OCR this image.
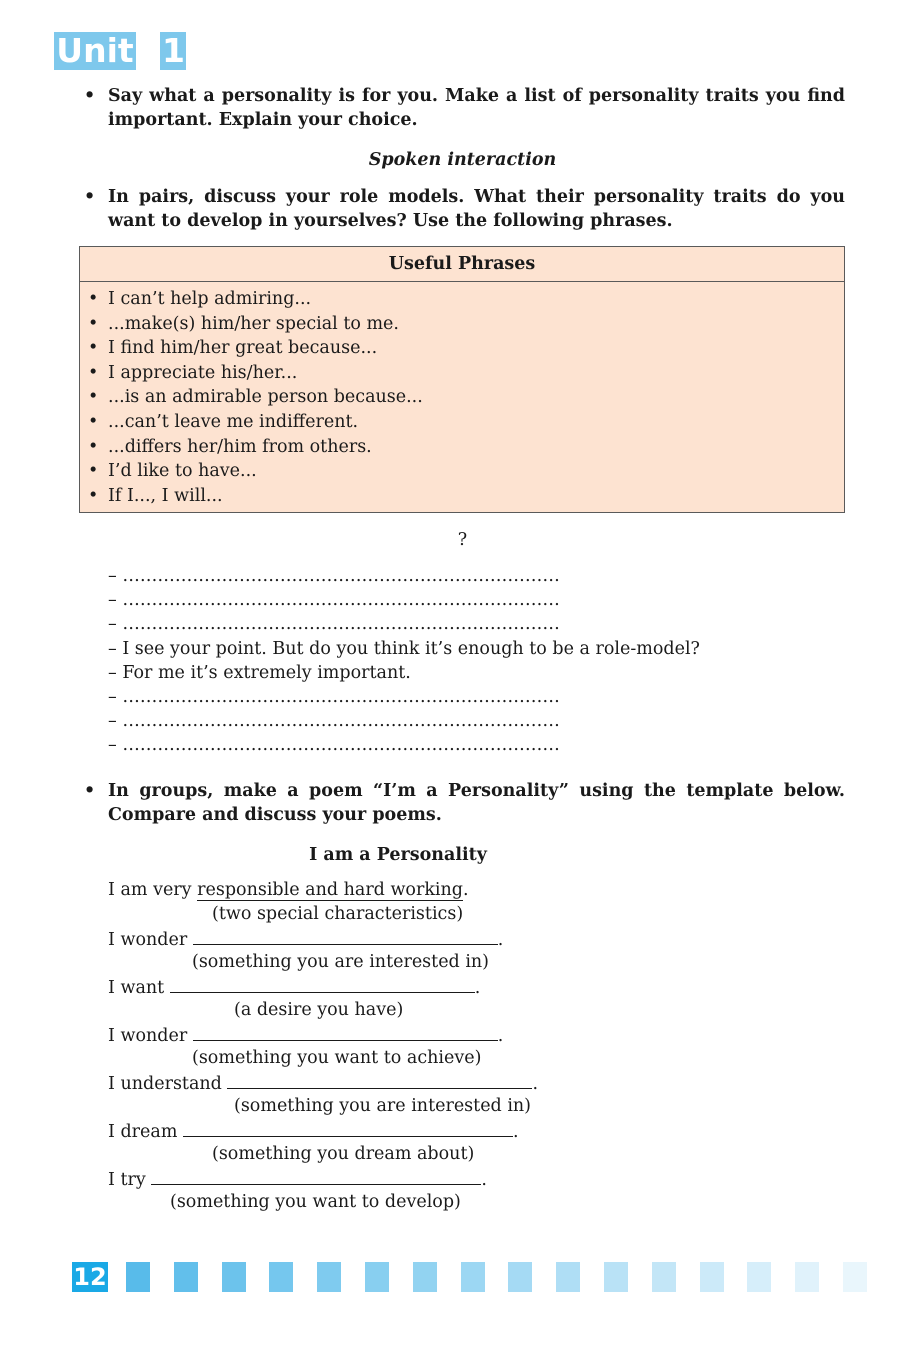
Unit 1
• Say what a personality is for you. Make a list of personality traits you find important. Explain your choice.
Spoken interaction
• In pairs, discuss your role models. What their personality traits do you want to develop in yourselves? Use the following phrases.
Useful Phrases
• I can’t help admiring...
• ...make(s) him/her special to me.
• I find him/her great because...
• I appreciate his/her...
• ...is an admirable person because...
• ...can’t leave me indifferent.
• ...differs her/him from others.
• I’d like to have...
• If I..., I will...
?
– …………………………………………………………………
– …………………………………………………………………
– …………………………………………………………………
– I see your point. But do you think it’s enough to be a role-model?
– For me it’s extremely important.
– …………………………………………………………………
– …………………………………………………………………
– …………………………………………………………………
• In groups, make a poem “I’m a Personality” using the template below. Compare and discuss your poems.
I am a Personality
I am very responsible and hard working.
(two special characteristics)
I wonder	.
(something you are interested in)
I want	.
(a desire you have)
I wonder	.
(something you want to achieve)
I understand	.
(something you are interested in)
I dream	.
(something you dream about)
I try	.
(something you want to develop)
12
